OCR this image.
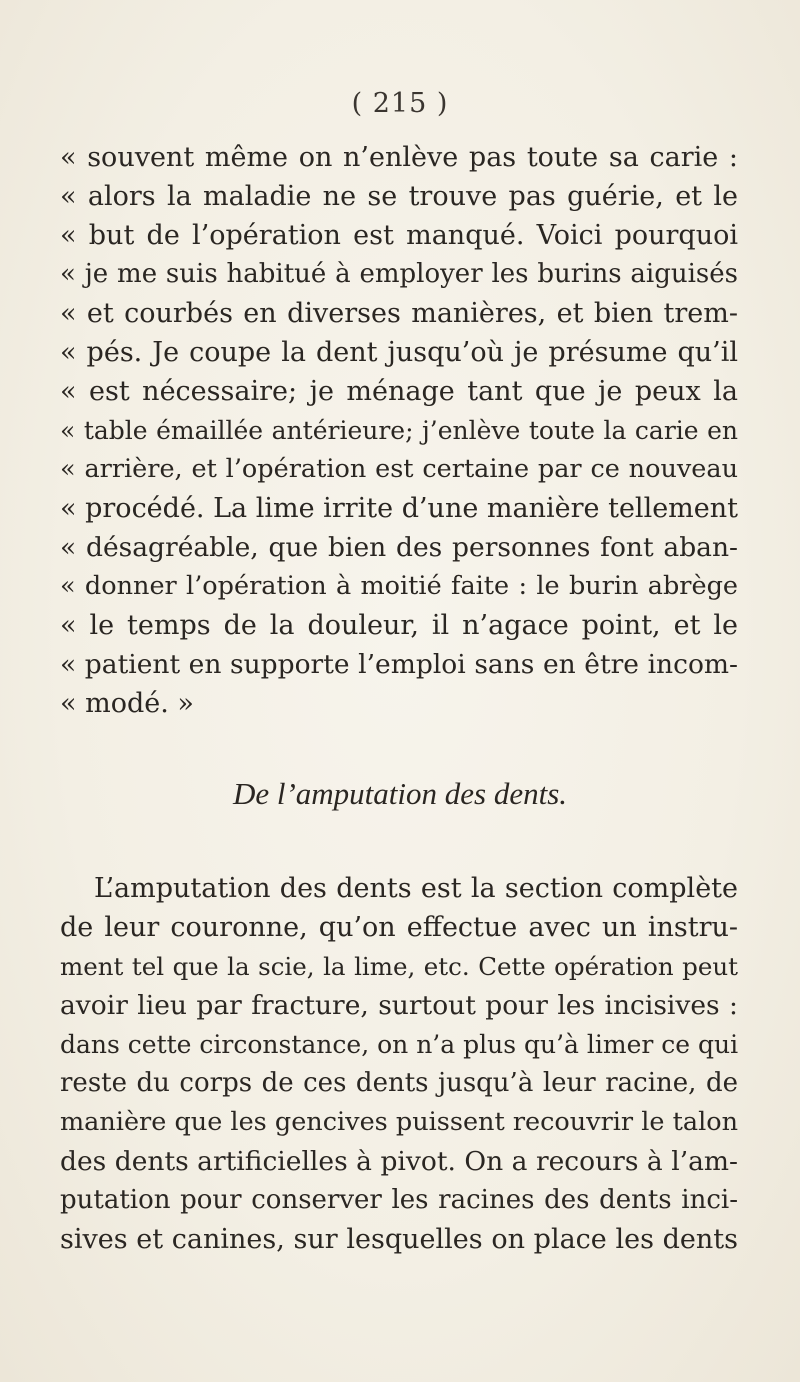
( 215 )
« souvent même on n’enlève pas toute sa carie :
« alors la maladie ne se trouve pas guérie, et le
« but de l’opération est manqué. Voici pourquoi
« je me suis habitué à employer les burins aiguisés
« et courbés en diverses manières, et bien trem-
« pés. Je coupe la dent jusqu’où je présume qu’il
« est nécessaire; je ménage tant que je peux la
« table émaillée antérieure; j’enlève toute la carie en
« arrière, et l’opération est certaine par ce nouveau
« procédé. La lime irrite d’une manière tellement
« désagréable, que bien des personnes font aban-
« donner l’opération à moitié faite : le burin abrège
« le temps de la douleur, il n’agace point, et le
« patient en supporte l’emploi sans en être incom-
« modé. »
De l’amputation des dents.
L’amputation des dents est la section complète
de leur couronne, qu’on effectue avec un instru-
ment tel que la scie, la lime, etc. Cette opération peut
avoir lieu par fracture, surtout pour les incisives :
dans cette circonstance, on n’a plus qu’à limer ce qui
reste du corps de ces dents jusqu’à leur racine, de
manière que les gencives puissent recouvrir le talon
des dents artificielles à pivot. On a recours à l’am-
putation pour conserver les racines des dents inci-
sives et canines, sur lesquelles on place les dents
